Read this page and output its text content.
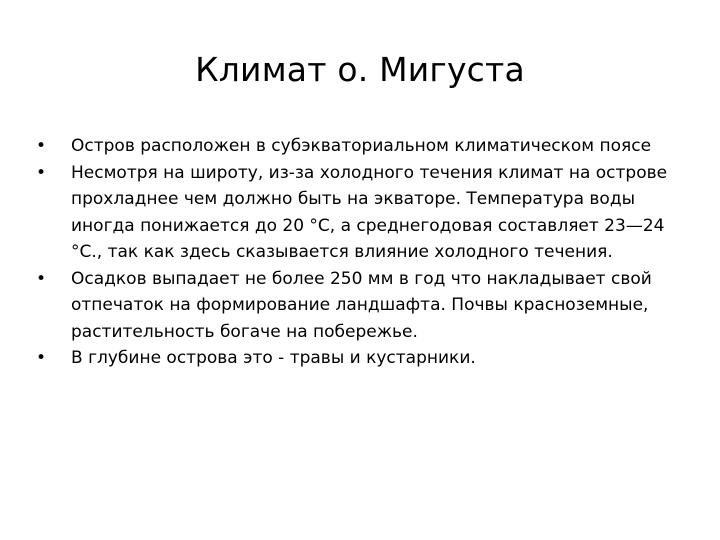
Климат о. Мигуста
• Остров расположен в субэкваториальном климатическом поясе
• Несмотря на широту, из-за холодного течения климат на острове прохладнее чем должно быть на экваторе. Температура воды иногда понижается до 20 °С, а среднегодовая составляет 23—24 °С., так как здесь сказывается влияние холодного течения.
• Осадков выпадает не более 250 мм в год что накладывает свой отпечаток на формирование ландшафта. Почвы красноземные, растительность богаче на побережье.
• В глубине острова это - травы и кустарники.
